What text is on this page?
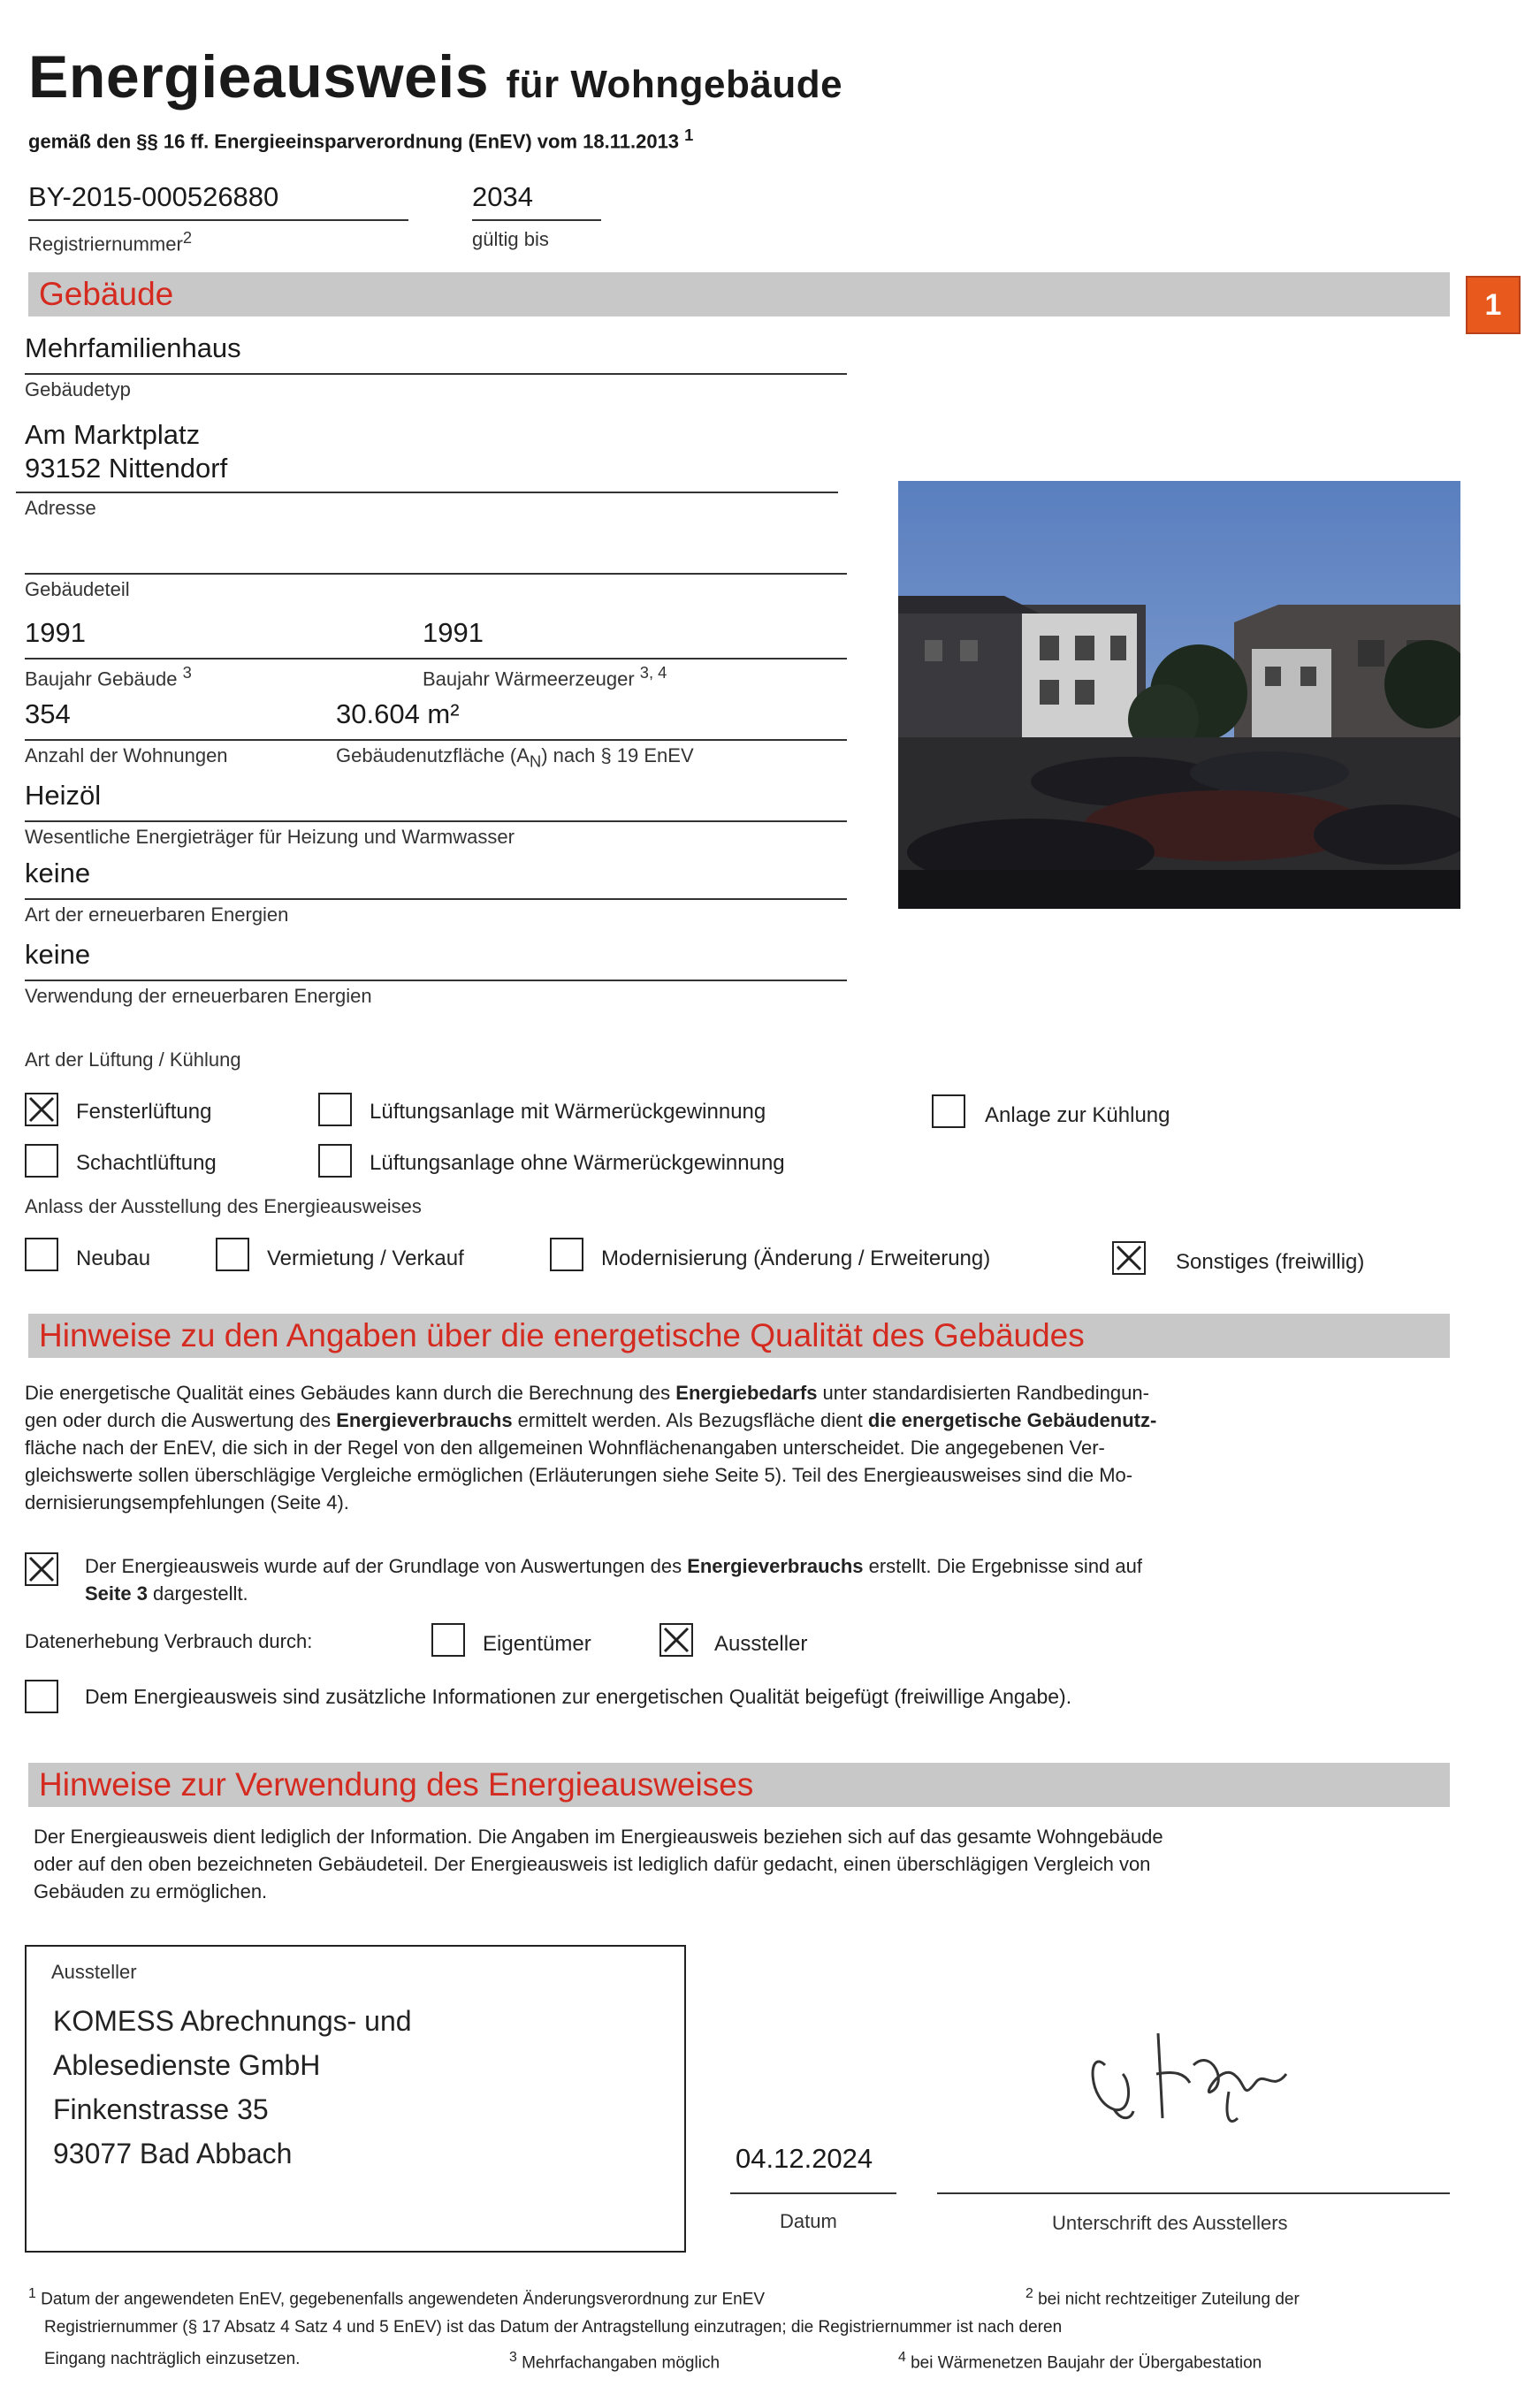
Energieausweis für Wohngebäude
gemäß den §§ 16 ff. Energieeinsparverordnung (EnEV) vom 18.11.2013 $^1$
BY-2015-000526880
Registriernummer$^2$
2034
gültig bis
Gebäude	1
Mehrfamilienhaus
Gebäudetyp
Am Marktplatz
93152 Nittendorf
Adresse
Gebäudeteil
1991	1991
Baujahr Gebäude $^3$	Baujahr Wärmeerzeuger $^{3, 4}$
354	30.604 m²
Anzahl der Wohnungen	Gebäudenutzfläche $(A_N)$ nach § 19 EnEV
Heizöl
Wesentliche Energieträger für Heizung und Warmwasser
keine
Art der erneuerbaren Energien
keine
Verwendung der erneuerbaren Energien
Art der Lüftung / Kühlung
Fensterlüftung	Lüftungsanlage mit Wärmerückgewinnung	Anlage zur Kühlung
Schachtlüftung	Lüftungsanlage ohne Wärmerückgewinnung
Anlass der Ausstellung des Energieausweises
Neubau	Vermietung / Verkauf	Modernisierung (Änderung / Erweiterung)	Sonstiges (freiwillig)
Hinweise zu den Angaben über die energetische Qualität des Gebäudes
Die energetische Qualität eines Gebäudes kann durch die Berechnung des Energiebedarfs unter standardisierten Randbedingun-
gen oder durch die Auswertung des Energieverbrauchs ermittelt werden. Als Bezugsfläche dient die energetische Gebäudenutz-
fläche nach der EnEV, die sich in der Regel von den allgemeinen Wohnflächenangaben unterscheidet. Die angegebenen Ver-
gleichswerte sollen überschlägige Vergleiche ermöglichen (Erläuterungen siehe Seite 5). Teil des Energieausweises sind die Mo-
dernisierungsempfehlungen (Seite 4).
Der Energieausweis wurde auf der Grundlage von Auswertungen des Energieverbrauchs erstellt. Die Ergebnisse sind auf
Seite 3 dargestellt.
Datenerhebung Verbrauch durch:	Eigentümer	Aussteller
Dem Energieausweis sind zusätzliche Informationen zur energetischen Qualität beigefügt (freiwillige Angabe).
Hinweise zur Verwendung des Energieausweises
Der Energieausweis dient lediglich der Information. Die Angaben im Energieausweis beziehen sich auf das gesamte Wohngebäude
oder auf den oben bezeichneten Gebäudeteil. Der Energieausweis ist lediglich dafür gedacht, einen überschlägigen Vergleich von
Gebäuden zu ermöglichen.
Aussteller
KOMESS Abrechnungs- und
Ablesedienste GmbH
Finkenstrasse 35
93077 Bad Abbach	04.12.2024
Datum	Unterschrift des Ausstellers
$^1$ Datum der angewendeten EnEV, gegebenenfalls angewendeten Änderungsverordnung zur EnEV	$^2$ bei nicht rechtzeitiger Zuteilung der
Registriernummer (§ 17 Absatz 4 Satz 4 und 5 EnEV) ist das Datum der Antragstellung einzutragen; die Registriernummer ist nach deren
Eingang nachträglich einzusetzen.	$^3$ Mehrfachangaben möglich	$^4$ bei Wärmenetzen Baujahr der Übergabestation
